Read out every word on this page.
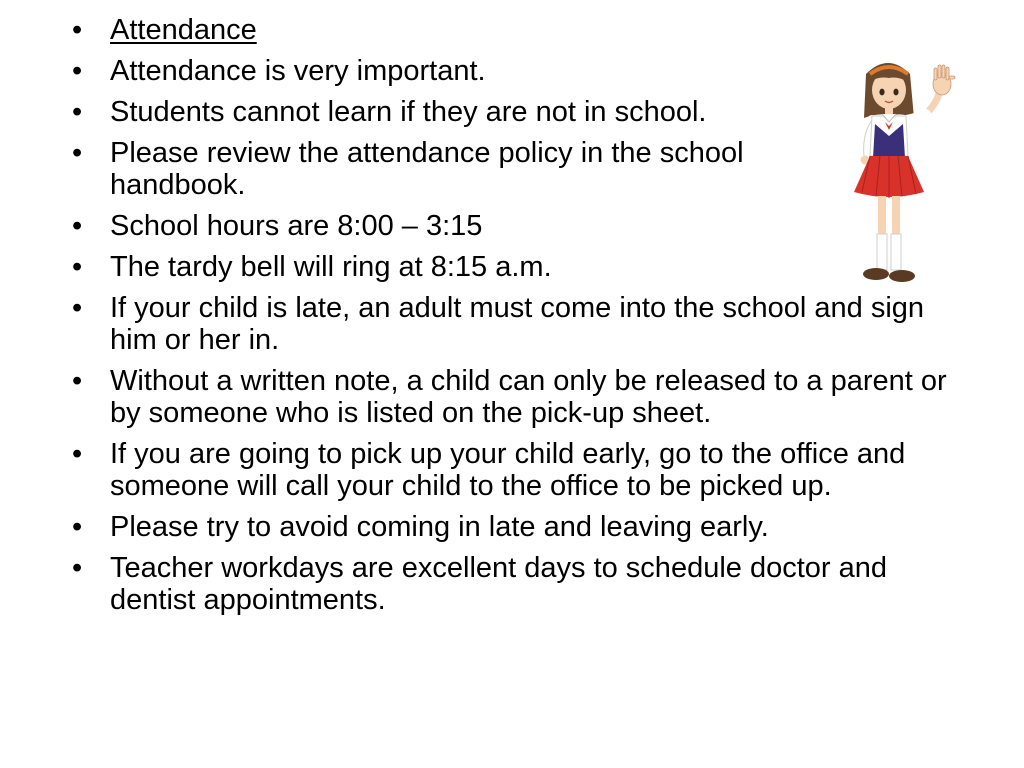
• Attendance
• Attendance is very important.
• Students cannot learn if they are not in school.
• Please review the attendance policy in the school handbook.
• School hours are 8:00 – 3:15
• The tardy bell will ring at 8:15 a.m.
• If your child is late, an adult must come into the school and sign him or her in.
• Without a written note, a child can only be released to a parent or by someone who is listed on the pick-up sheet.
• If you are going to pick up your child early, go to the office and someone will call your child to the office to be picked up.
• Please try to avoid coming in late and leaving early.
• Teacher workdays are excellent days to schedule doctor and dentist appointments.
